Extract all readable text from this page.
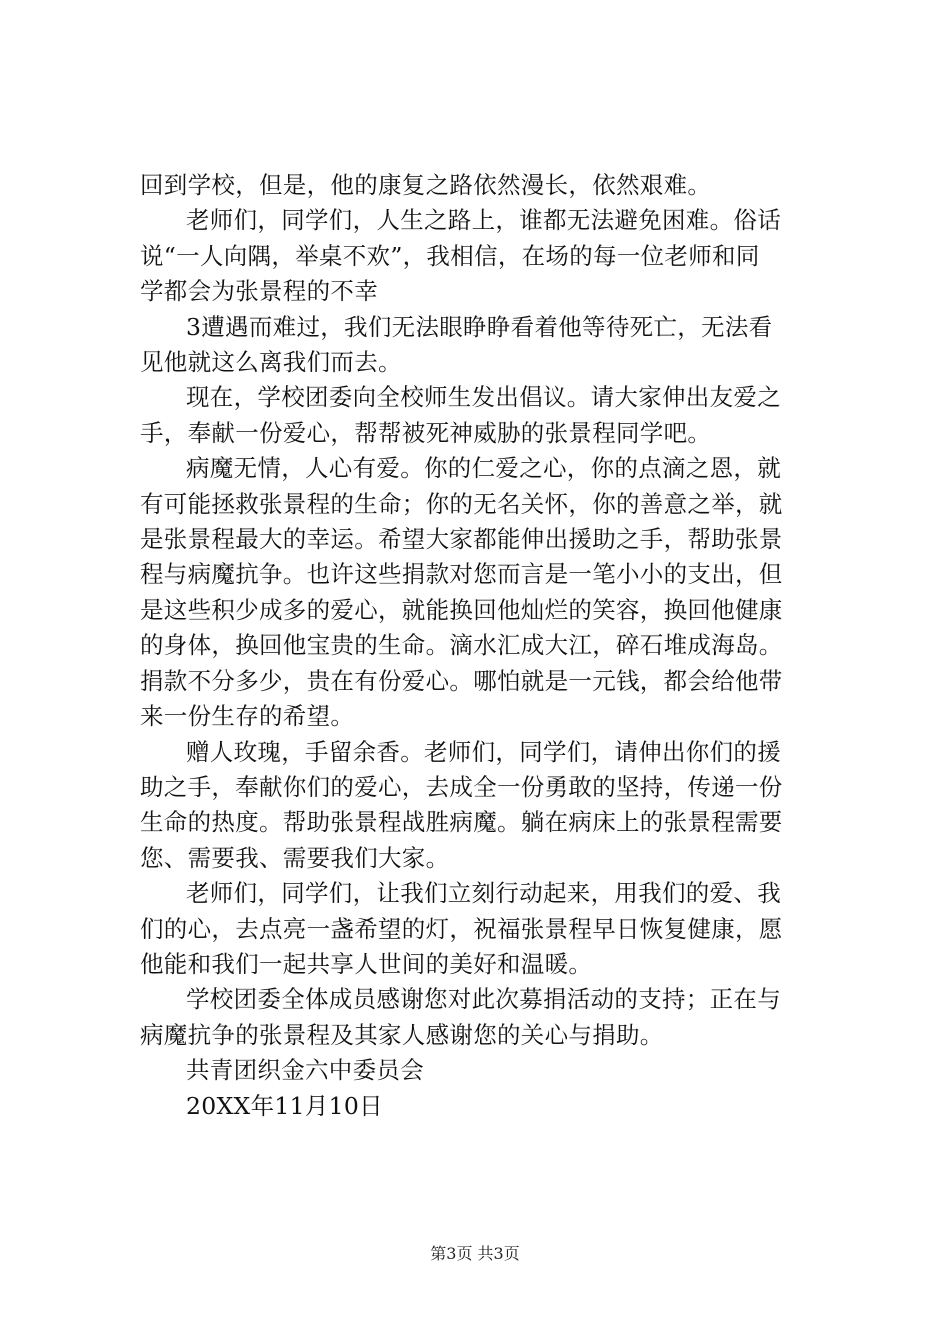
回到学校，但是，他的康复之路依然漫长，依然艰难。
老师们，同学们，人生之路上，谁都无法避免困难。俗话
说“一人向隅，举桌不欢”，我相信，在场的每一位老师和同
学都会为张景程的不幸
3遭遇而难过，我们无法眼睁睁看着他等待死亡，无法看
见他就这么离我们而去。
现在，学校团委向全校师生发出倡议。请大家伸出友爱之
手，奉献一份爱心，帮帮被死神威胁的张景程同学吧。
病魔无情，人心有爱。你的仁爱之心，你的点滴之恩，就
有可能拯救张景程的生命；你的无名关怀，你的善意之举，就
是张景程最大的幸运。希望大家都能伸出援助之手，帮助张景
程与病魔抗争。也许这些捐款对您而言是一笔小小的支出，但
是这些积少成多的爱心，就能换回他灿烂的笑容，换回他健康
的身体，换回他宝贵的生命。滴水汇成大江，碎石堆成海岛。
捐款不分多少，贵在有份爱心。哪怕就是一元钱，都会给他带
来一份生存的希望。
赠人玫瑰，手留余香。老师们，同学们，请伸出你们的援
助之手，奉献你们的爱心，去成全一份勇敢的坚持，传递一份
生命的热度。帮助张景程战胜病魔。躺在病床上的张景程需要
您、需要我、需要我们大家。
老师们，同学们，让我们立刻行动起来，用我们的爱、我
们的心，去点亮一盏希望的灯，祝福张景程早日恢复健康，愿
他能和我们一起共享人世间的美好和温暖。
学校团委全体成员感谢您对此次募捐活动的支持；正在与
病魔抗争的张景程及其家人感谢您的关心与捐助。
共青团织金六中委员会
20XX年11月10日
第3页 共3页
